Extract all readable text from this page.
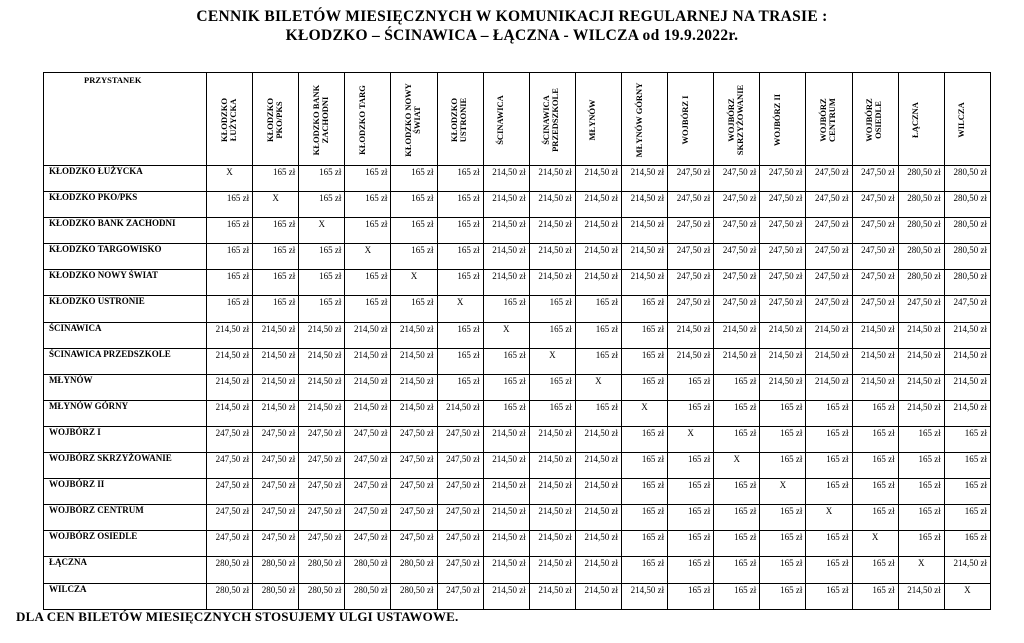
CENNIK BILETÓW MIESIĘCZNYCH W KOMUNIKACJI REGULARNEJ NA TRASIE :
KŁODZKO – ŚCINAWICA – ŁĄCZNA - WILCZA od 19.9.2022r.
PRZYSTANEK	KŁODZKO ŁUŻYCKA	KŁODZKO PKO/PKS	KŁODZKO BANK ZACHODNI	KŁODZKO TARG	KŁODZKO NOWY ŚWIAT	KŁODZKO USTRONIE	ŚCINAWICA	ŚCINAWICA PRZEDSZKOLE	MŁYNÓW	MŁYNÓW GÓRNY	WOJBÓRZ I	WOJBÓRZ SKRZYŻOWANIE	WOJBÓRZ II	WOJBÓRZ CENTRUM	WOJBÓRZ OSIEDLE	ŁĄCZNA	WILCZA

KŁODZKO ŁUŻYCKA	X	165 zł	165 zł	165 zł	165 zł	165 zł	214,50 zł	214,50 zł	214,50 zł	214,50 zł	247,50 zł	247,50 zł	247,50 zł	247,50 zł	247,50 zł	280,50 zł	280,50 zł
KŁODZKO PKO/PKS	165 zł	X	165 zł	165 zł	165 zł	165 zł	214,50 zł	214,50 zł	214,50 zł	214,50 zł	247,50 zł	247,50 zł	247,50 zł	247,50 zł	247,50 zł	280,50 zł	280,50 zł
KŁODZKO BANK ZACHODNI	165 zł	165 zł	X	165 zł	165 zł	165 zł	214,50 zł	214,50 zł	214,50 zł	214,50 zł	247,50 zł	247,50 zł	247,50 zł	247,50 zł	247,50 zł	280,50 zł	280,50 zł
KŁODZKO TARGOWISKO	165 zł	165 zł	165 zł	X	165 zł	165 zł	214,50 zł	214,50 zł	214,50 zł	214,50 zł	247,50 zł	247,50 zł	247,50 zł	247,50 zł	247,50 zł	280,50 zł	280,50 zł
KŁODZKO NOWY ŚWIAT	165 zł	165 zł	165 zł	165 zł	X	165 zł	214,50 zł	214,50 zł	214,50 zł	214,50 zł	247,50 zł	247,50 zł	247,50 zł	247,50 zł	247,50 zł	280,50 zł	280,50 zł
KŁODZKO USTRONIE	165 zł	165 zł	165 zł	165 zł	165 zł	X	165 zł	165 zł	165 zł	165 zł	247,50 zł	247,50 zł	247,50 zł	247,50 zł	247,50 zł	247,50 zł	247,50 zł
ŚCINAWICA	214,50 zł	214,50 zł	214,50 zł	214,50 zł	214,50 zł	165 zł	X	165 zł	165 zł	165 zł	214,50 zł	214,50 zł	214,50 zł	214,50 zł	214,50 zł	214,50 zł	214,50 zł
ŚCINAWICA PRZEDSZKOLE	214,50 zł	214,50 zł	214,50 zł	214,50 zł	214,50 zł	165 zł	165 zł	X	165 zł	165 zł	214,50 zł	214,50 zł	214,50 zł	214,50 zł	214,50 zł	214,50 zł	214,50 zł
MŁYNÓW	214,50 zł	214,50 zł	214,50 zł	214,50 zł	214,50 zł	165 zł	165 zł	165 zł	X	165 zł	165 zł	165 zł	214,50 zł	214,50 zł	214,50 zł	214,50 zł	214,50 zł
MŁYNÓW GÓRNY	214,50 zł	214,50 zł	214,50 zł	214,50 zł	214,50 zł	214,50 zł	165 zł	165 zł	165 zł	X	165 zł	165 zł	165 zł	165 zł	165 zł	214,50 zł	214,50 zł
WOJBÓRZ I	247,50 zł	247,50 zł	247,50 zł	247,50 zł	247,50 zł	247,50 zł	214,50 zł	214,50 zł	214,50 zł	165 zł	X	165 zł	165 zł	165 zł	165 zł	165 zł	165 zł
WOJBÓRZ SKRZYŻOWANIE	247,50 zł	247,50 zł	247,50 zł	247,50 zł	247,50 zł	247,50 zł	214,50 zł	214,50 zł	214,50 zł	165 zł	165 zł	X	165 zł	165 zł	165 zł	165 zł	165 zł
WOJBÓRZ II	247,50 zł	247,50 zł	247,50 zł	247,50 zł	247,50 zł	247,50 zł	214,50 zł	214,50 zł	214,50 zł	165 zł	165 zł	165 zł	X	165 zł	165 zł	165 zł	165 zł
WOJBÓRZ CENTRUM	247,50 zł	247,50 zł	247,50 zł	247,50 zł	247,50 zł	247,50 zł	214,50 zł	214,50 zł	214,50 zł	165 zł	165 zł	165 zł	165 zł	X	165 zł	165 zł	165 zł
WOJBÓRZ OSIEDLE	247,50 zł	247,50 zł	247,50 zł	247,50 zł	247,50 zł	247,50 zł	214,50 zł	214,50 zł	214,50 zł	165 zł	165 zł	165 zł	165 zł	165 zł	X	165 zł	165 zł
ŁĄCZNA	280,50 zł	280,50 zł	280,50 zł	280,50 zł	280,50 zł	247,50 zł	214,50 zł	214,50 zł	214,50 zł	165 zł	165 zł	165 zł	165 zł	165 zł	165 zł	X	214,50 zł
WILCZA	280,50 zł	280,50 zł	280,50 zł	280,50 zł	280,50 zł	247,50 zł	214,50 zł	214,50 zł	214,50 zł	214,50 zł	165 zł	165 zł	165 zł	165 zł	165 zł	214,50 zł	X
DLA CEN BILETÓW MIESIĘCZNYCH STOSUJEMY ULGI USTAWOWE.
